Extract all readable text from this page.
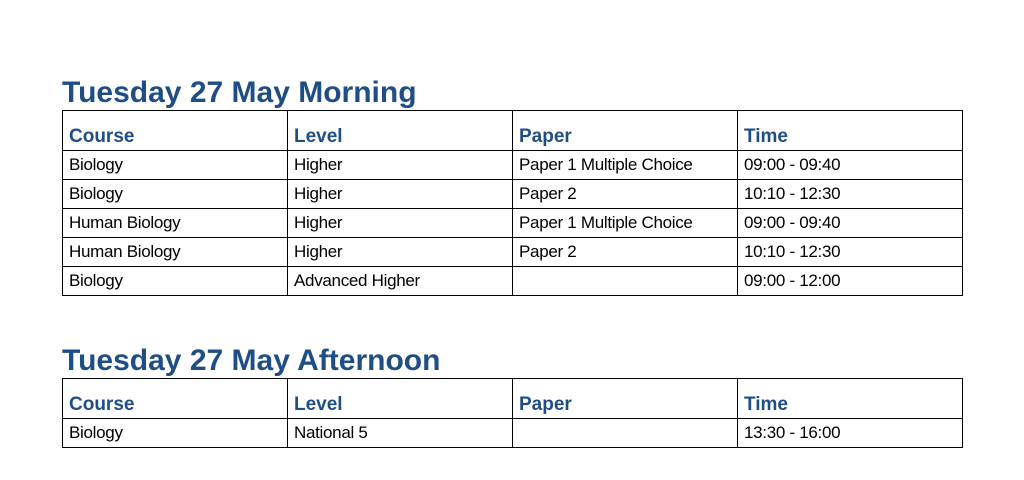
Tuesday 27 May Morning
Course	Level	Paper	Time
Biology	Higher	Paper 1 Multiple Choice	09:00 - 09:40
Biology	Higher	Paper 2	10:10 - 12:30
Human Biology	Higher	Paper 1 Multiple Choice	09:00 - 09:40
Human Biology	Higher	Paper 2	10:10 - 12:30
Biology	Advanced Higher		09:00 - 12:00
Tuesday 27 May Afternoon
Course	Level	Paper	Time
Biology	National 5		13:30 - 16:00
